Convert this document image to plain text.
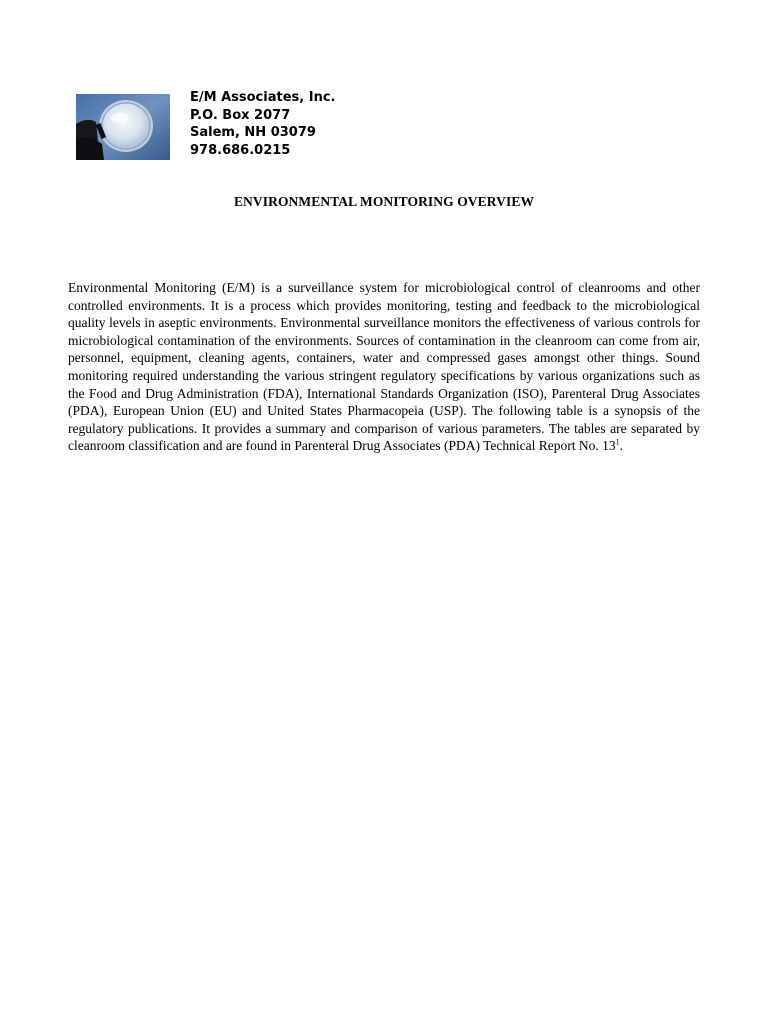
E/M Associates, Inc.
P.O. Box 2077
Salem, NH 03079
978.686.0215
ENVIRONMENTAL MONITORING OVERVIEW

Environmental Monitoring (E/M) is a surveillance system for microbiological control of cleanrooms and other controlled environments. It is a process which provides monitoring, testing and feedback to the microbiological quality levels in aseptic environments. Environmental surveillance monitors the effectiveness of various controls for microbiological contamination of the environments. Sources of contamination in the cleanroom can come from air, personnel, equipment, cleaning agents, containers, water and compressed gases amongst other things. Sound monitoring required understanding the various stringent regulatory specifications by various organizations such as the Food and Drug Administration (FDA), International Standards Organization (ISO), Parenteral Drug Associates (PDA), European Union (EU) and United States Pharmacopeia (USP). The following table is a synopsis of the regulatory publications. It provides a summary and comparison of various parameters. The tables are separated by cleanroom classification and are found in Parenteral Drug Associates (PDA) Technical Report No. $13^1$.
